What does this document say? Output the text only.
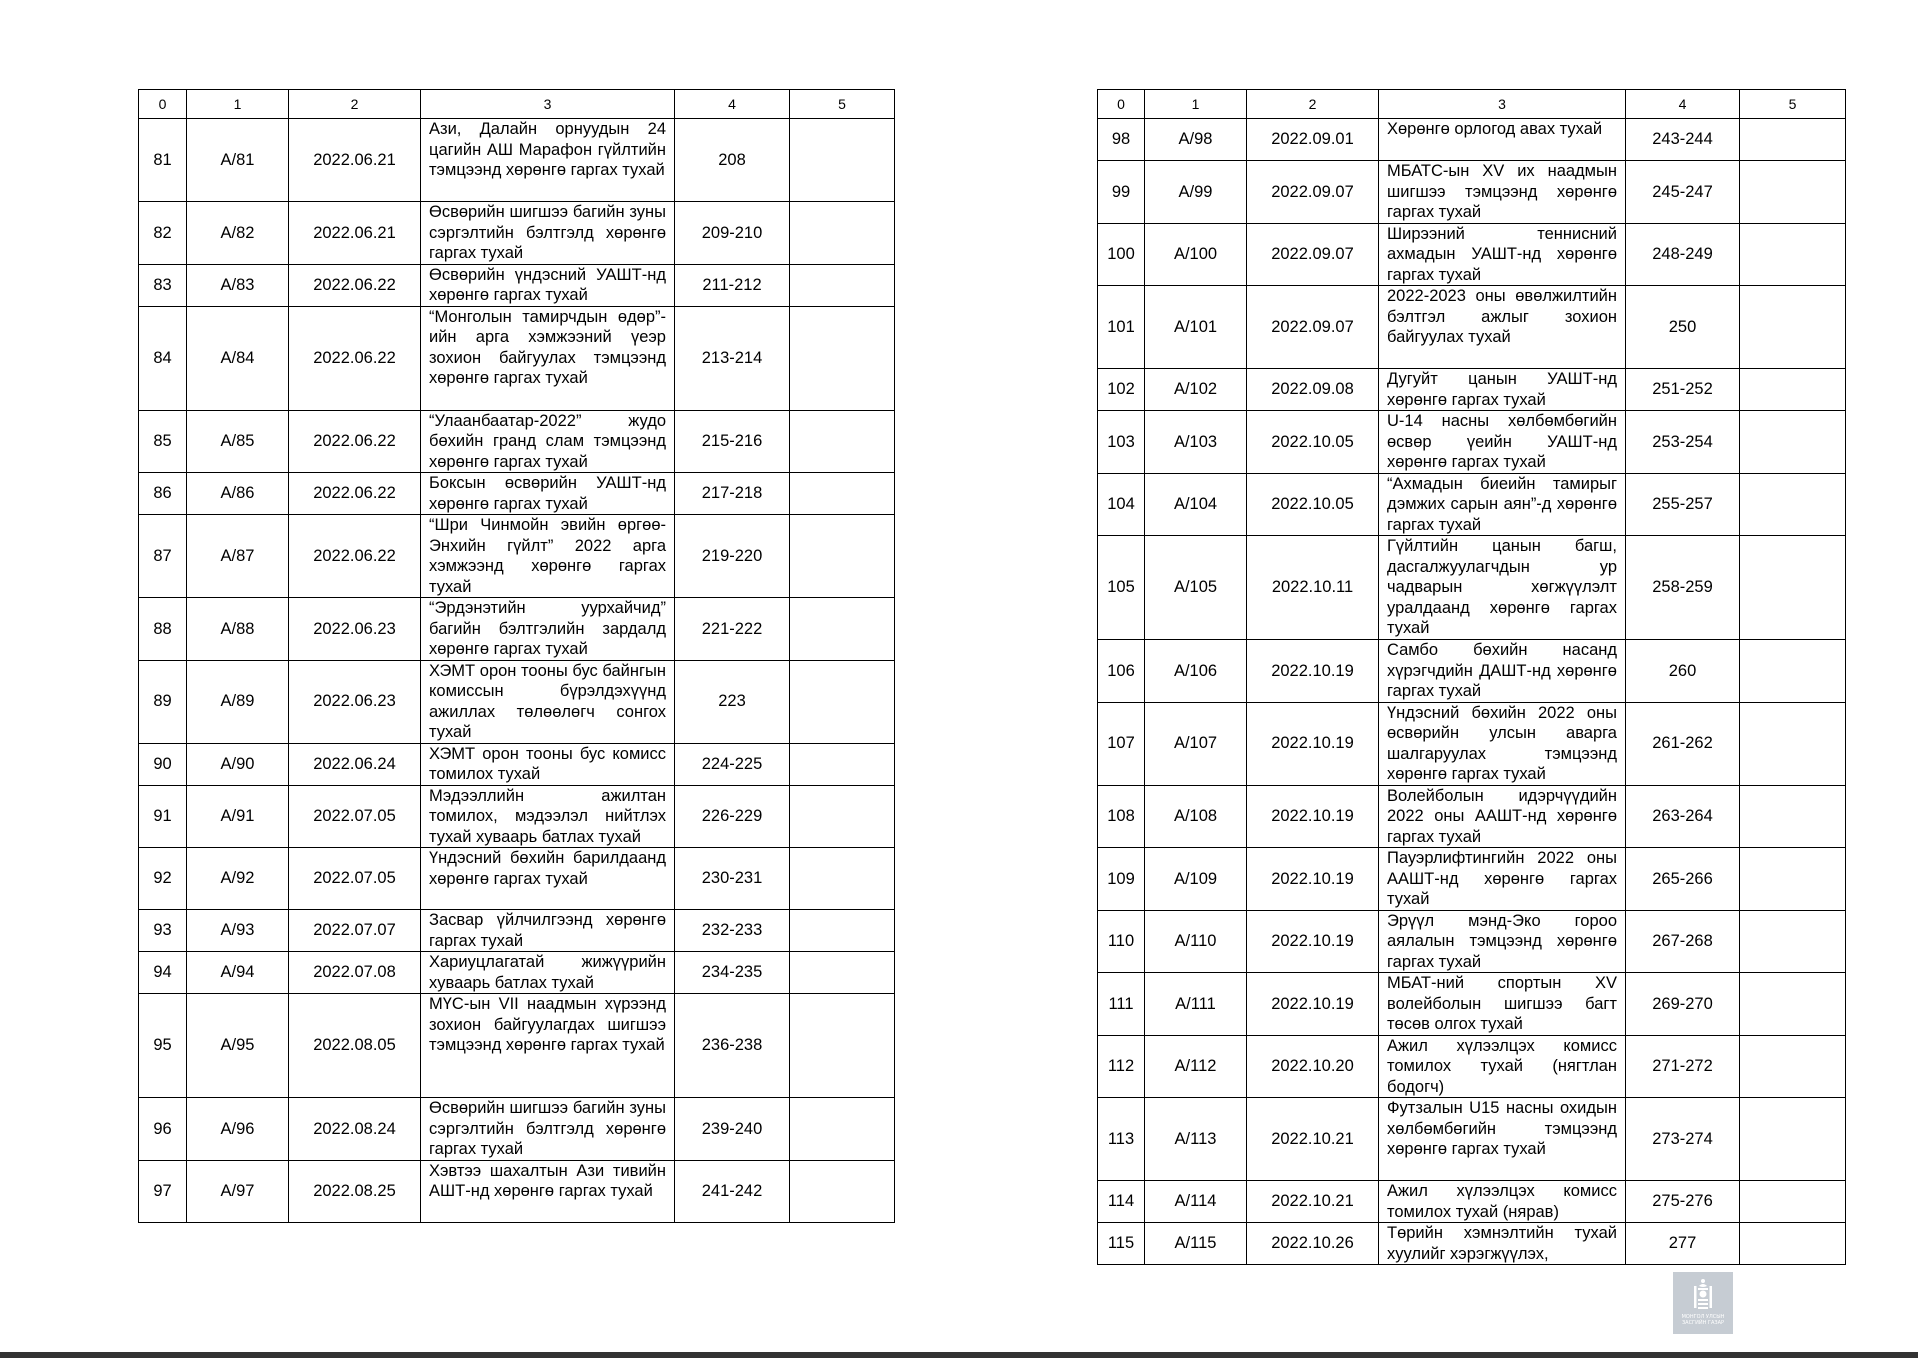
0	1	2	3	4	5
81	А/81	2022.06.21	Ази, Далайн орнуудын 24 цагийн АШ Марафон гүйлтийн тэмцээнд хөрөнгө гаргах тухай	208	
82	А/82	2022.06.21	Өсвөрийн шигшээ багийн зуны сэргэлтийн бэлтгэлд хөрөнгө гаргах тухай	209-210	
83	А/83	2022.06.22	Өсвөрийн үндэсний УАШТ-нд хөрөнгө гаргах тухай	211-212	
84	А/84	2022.06.22	“Монголын тамирчдын өдөр”-ийн арга хэмжээний үеэр зохион байгуулах тэмцээнд хөрөнгө гаргах тухай	213-214	
85	А/85	2022.06.22	“Улаанбаатар-2022” жудо бөхийн гранд слам тэмцээнд хөрөнгө гаргах тухай	215-216	
86	А/86	2022.06.22	Боксын өсвөрийн УАШТ-нд хөрөнгө гаргах тухай	217-218	
87	А/87	2022.06.22	“Шри Чинмойн эвийн өргөө-Энхийн гүйлт” 2022 арга хэмжээнд хөрөнгө гаргах тухай	219-220	
88	А/88	2022.06.23	“Эрдэнэтийн уурхайчид” багийн бэлтгэлийн зардалд хөрөнгө гаргах тухай	221-222	
89	А/89	2022.06.23	ХЭМТ орон тооны бус байнгын комиссын бүрэлдэхүүнд ажиллах төлөөлөгч сонгох тухай	223	
90	А/90	2022.06.24	ХЭМТ орон тооны бус комисс томилох тухай	224-225	
91	А/91	2022.07.05	Мэдээллийн ажилтан томилох, мэдээлэл нийтлэх тухай хуваарь батлах тухай	226-229	
92	А/92	2022.07.05	Үндэсний бөхийн барилдаанд хөрөнгө гаргах тухай	230-231	
93	А/93	2022.07.07	Засвар үйлчилгээнд хөрөнгө гаргах тухай	232-233	
94	А/94	2022.07.08	Хариуцлагатай жижүүрийн хуваарь батлах тухай	234-235	
95	А/95	2022.08.05	МҮС-ын VII наадмын хүрээнд зохион байгуулагдах шигшээ тэмцээнд хөрөнгө гаргах тухай	236-238	
96	А/96	2022.08.24	Өсвөрийн шигшээ багийн зуны сэргэлтийн бэлтгэлд хөрөнгө гаргах тухай	239-240	
97	А/97	2022.08.25	Хэвтээ шахалтын Ази тивийн АШТ-нд хөрөнгө гаргах тухай	241-242	
0	1	2	3	4	5
98	А/98	2022.09.01	Хөрөнгө орлогод авах тухай	243-244	
99	А/99	2022.09.07	МБАТС-ын XV их наадмын шигшээ тэмцээнд хөрөнгө гаргах тухай	245-247	
100	А/100	2022.09.07	Ширээний теннисний ахмадын УАШТ-нд хөрөнгө гаргах тухай	248-249	
101	А/101	2022.09.07	2022-2023 оны өвөлжилтийн бэлтгэл ажлыг зохион байгуулах тухай	250	
102	А/102	2022.09.08	Дугуйт цанын УАШТ-нд хөрөнгө гаргах тухай	251-252	
103	А/103	2022.10.05	U-14 насны хөлбөмбөгийн өсвөр үеийн УАШТ-нд хөрөнгө гаргах тухай	253-254	
104	А/104	2022.10.05	“Ахмадын биеийн тамирыг дэмжих сарын аян”-д хөрөнгө гаргах тухай	255-257	
105	А/105	2022.10.11	Гүйлтийн цанын багш, дасгалжуулагчдын ур чадварын хөгжүүлэлт уралдаанд хөрөнгө гаргах тухай	258-259	
106	А/106	2022.10.19	Самбо бөхийн насанд хүрэгчдийн ДАШТ-нд хөрөнгө гаргах тухай	260	
107	А/107	2022.10.19	Үндэсний бөхийн 2022 оны өсвөрийн улсын аварга шалгаруулах тэмцээнд хөрөнгө гаргах тухай	261-262	
108	А/108	2022.10.19	Волейболын идэрчүүдийн 2022 оны ААШТ-нд хөрөнгө гаргах тухай	263-264	
109	А/109	2022.10.19	Пауэрлифтингийн 2022 оны ААШТ-нд хөрөнгө гаргах тухай	265-266	
110	А/110	2022.10.19	Эрүүл мэнд-Эко гороо аялалын тэмцээнд хөрөнгө гаргах тухай	267-268	
111	А/111	2022.10.19	МБАТ-ний спортын XV волейболын шигшээ багт төсөв олгох тухай	269-270	
112	А/112	2022.10.20	Ажил хүлээлцэх комисс томилох тухай (нягтлан бодогч)	271-272	
113	А/113	2022.10.21	Футзалын U15 насны охидын хөлбөмбөгийн тэмцээнд хөрөнгө гаргах тухай	273-274	
114	А/114	2022.10.21	Ажил хүлээлцэх комисс томилох тухай (нярав)	275-276	
115	А/115	2022.10.26	Төрийн хэмнэлтийн тухай хуулийг хэрэгжүүлэх,	277	
МОНГОЛ УЛСЫН
ЗАСГИЙН ГАЗАР
